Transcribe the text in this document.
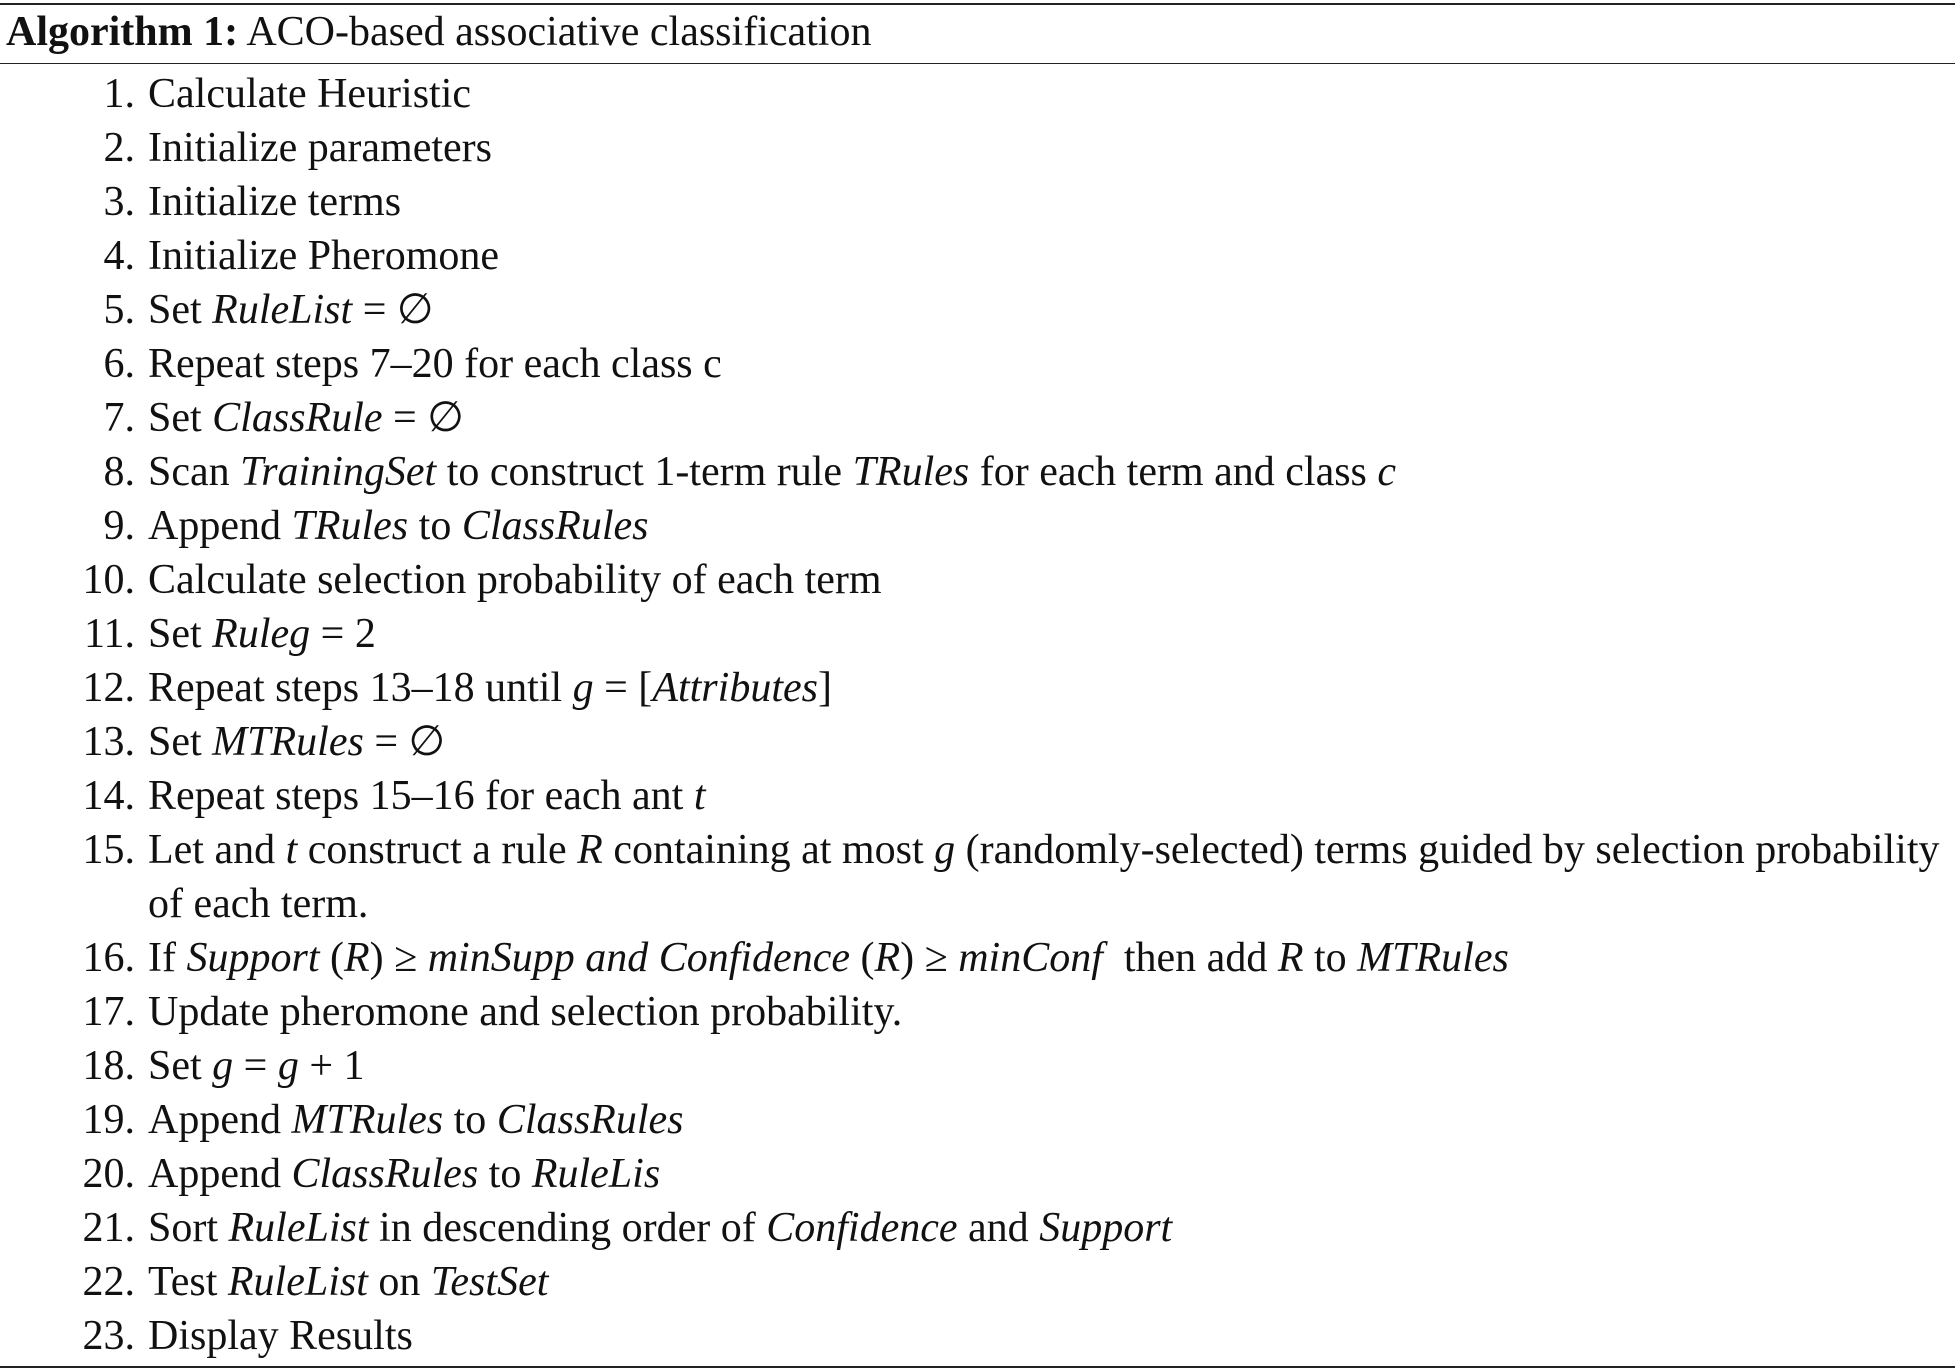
Algorithm 1: ACO-based associative classification
1. Calculate Heuristic
2. Initialize parameters
3. Initialize terms
4. Initialize Pheromone
5. Set RuleList = ∅
6. Repeat steps 7–20 for each class c
7. Set ClassRule = ∅
8. Scan TrainingSet to construct 1-term rule TRules for each term and class c
9. Append TRules to ClassRules
10. Calculate selection probability of each term
11. Set Ruleg = 2
12. Repeat steps 13–18 until g = [Attributes]
13. Set MTRules = ∅
14. Repeat steps 15–16 for each ant t
15. Let and t construct a rule R containing at most g (randomly-selected) terms guided by selection probability of each term.
16. If Support (R) ≥ minSupp and Confidence (R) ≥ minConf  then add R to MTRules
17. Update pheromone and selection probability.
18. Set g = g + 1
19. Append MTRules to ClassRules
20. Append ClassRules to RuleLis
21. Sort RuleList in descending order of Confidence and Support
22. Test RuleList on TestSet
23. Display Results
